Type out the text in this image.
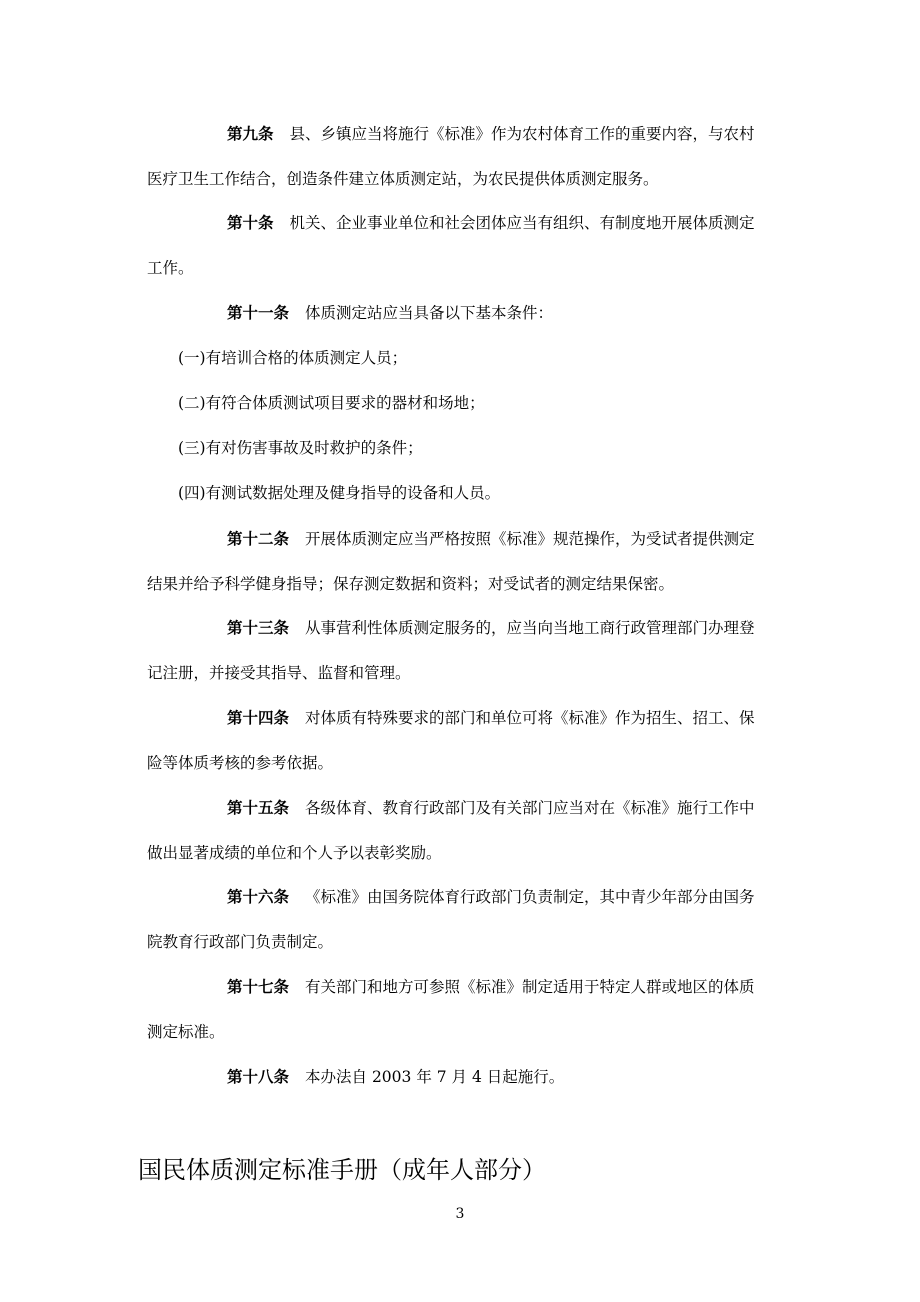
第九条 县、乡镇应当将施行《标准》作为农村体育工作的重要内容，与农村
医疗卫生工作结合，创造条件建立体质测定站，为农民提供体质测定服务。
第十条 机关、企业事业单位和社会团体应当有组织、有制度地开展体质测定
工作。
第十一条 体质测定站应当具备以下基本条件：
(一)有培训合格的体质测定人员；
(二)有符合体质测试项目要求的器材和场地；
(三)有对伤害事故及时救护的条件；
(四)有测试数据处理及健身指导的设备和人员。
第十二条 开展体质测定应当严格按照《标准》规范操作，为受试者提供测定
结果并给予科学健身指导；保存测定数据和资料；对受试者的测定结果保密。
第十三条 从事营利性体质测定服务的，应当向当地工商行政管理部门办理登
记注册，并接受其指导、监督和管理。
第十四条 对体质有特殊要求的部门和单位可将《标准》作为招生、招工、保
险等体质考核的参考依据。
第十五条 各级体育、教育行政部门及有关部门应当对在《标准》施行工作中
做出显著成绩的单位和个人予以表彰奖励。
第十六条 《标准》由国务院体育行政部门负责制定，其中青少年部分由国务
院教育行政部门负责制定。
第十七条 有关部门和地方可参照《标准》制定适用于特定人群或地区的体质
测定标准。
第十八条 本办法自 2003 年 7 月 4 日起施行。
国民体质测定标准手册（成年人部分）
3
